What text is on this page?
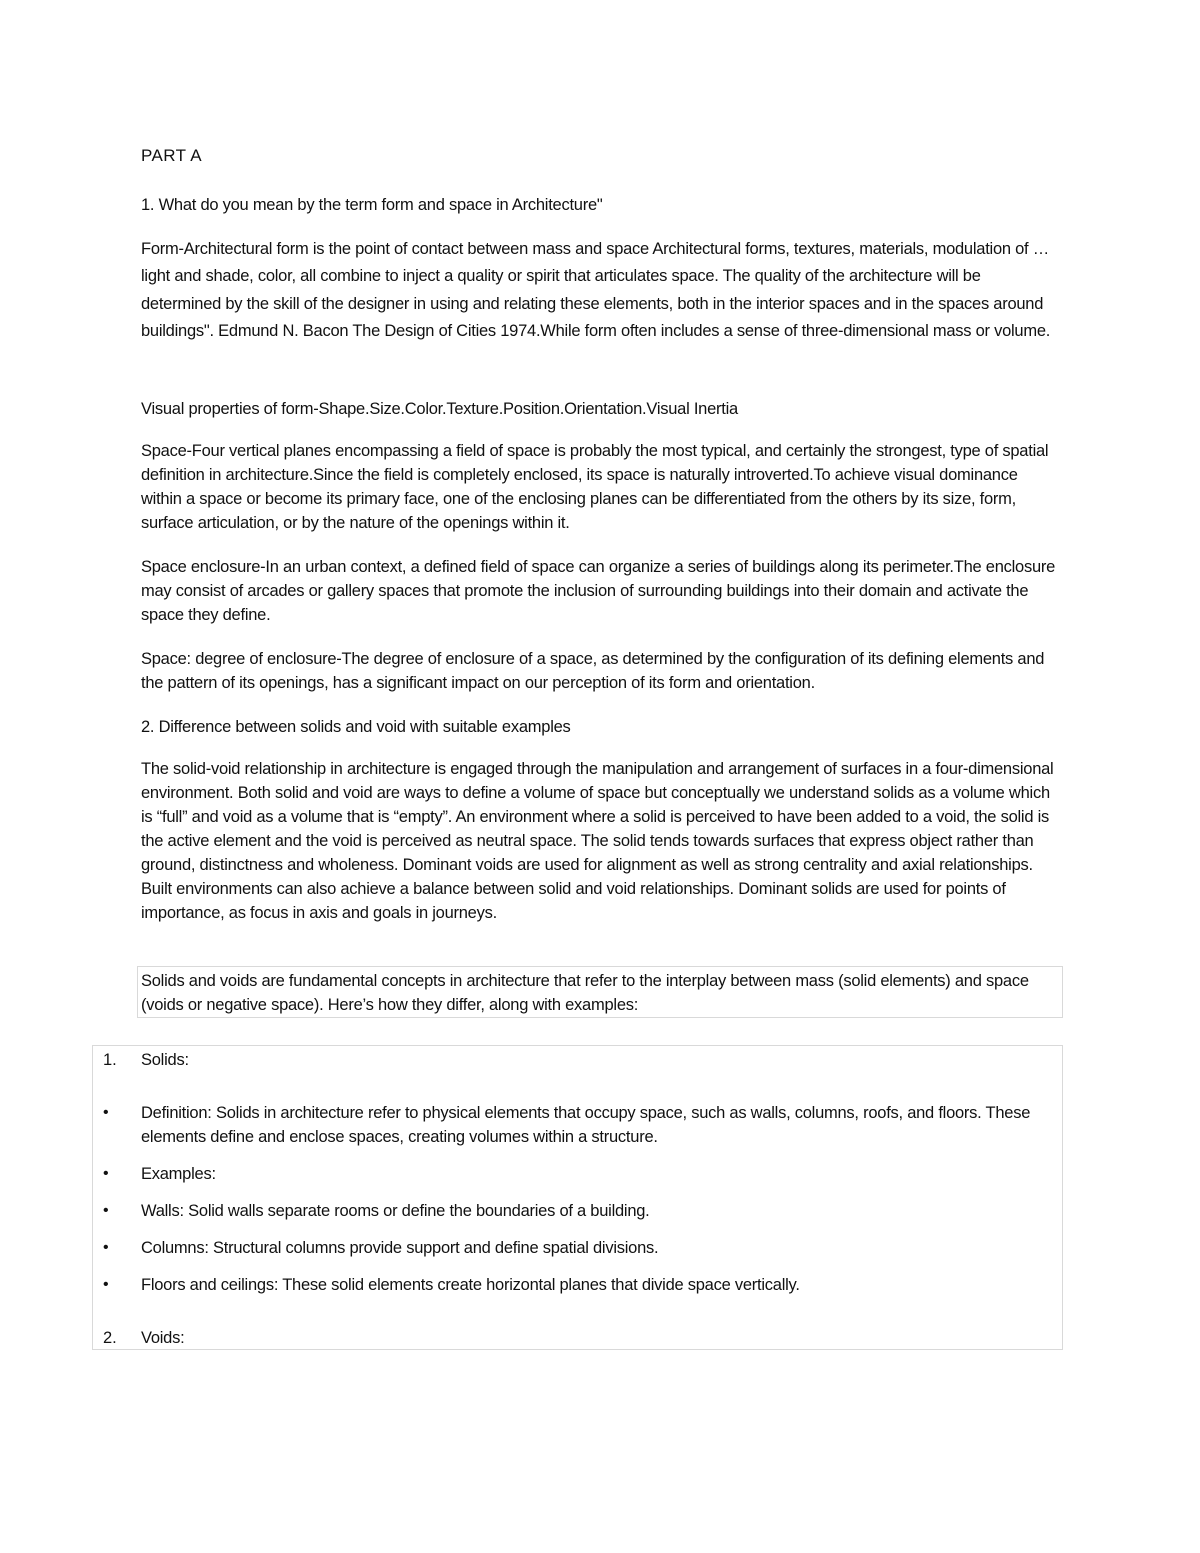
PART A

1. What do you mean by the term form and space in Architecture"

Form-Architectural form is the point of contact between mass and space Architectural forms, textures, materials, modulation of … light and shade, color, all combine to inject a quality or spirit that articulates space. The quality of the architecture will be determined by the skill of the designer in using and relating these elements, both in the interior spaces and in the spaces around buildings". Edmund N. Bacon The Design of Cities 1974.While form often includes a sense of three-dimensional mass or volume.

Visual properties of form-Shape.Size.Color.Texture.Position.Orientation.Visual Inertia

Space-Four vertical planes encompassing a field of space is probably the most typical, and certainly the strongest, type of spatial definition in architecture.Since the field is completely enclosed, its space is naturally introverted.To achieve visual dominance within a space or become its primary face, one of the enclosing planes can be differentiated from the others by its size, form, surface articulation, or by the nature of the openings within it.

Space enclosure-In an urban context, a defined field of space can organize a series of buildings along its perimeter.The enclosure may consist of arcades or gallery spaces that promote the inclusion of surrounding buildings into their domain and activate the space they define.

Space: degree of enclosure-The degree of enclosure of a space, as determined by the configuration of its defining elements and the pattern of its openings, has a significant impact on our perception of its form and orientation.

2. Difference between solids and void with suitable examples

The solid-void relationship in architecture is engaged through the manipulation and arrangement of surfaces in a four-dimensional environment. Both solid and void are ways to define a volume of space but conceptually we understand solids as a volume which is “full” and void as a volume that is “empty”. An environment where a solid is perceived to have been added to a void, the solid is the active element and the void is perceived as neutral space. The solid tends towards surfaces that express object rather than ground, distinctness and wholeness. Dominant voids are used for alignment as well as strong centrality and axial relationships. Built environments can also achieve a balance between solid and void relationships. Dominant solids are used for points of importance, as focus in axis and goals in journeys.

Solids and voids are fundamental concepts in architecture that refer to the interplay between mass (solid elements) and space (voids or negative space). Here’s how they differ, along with examples:
1.	Solids:
•	Definition: Solids in architecture refer to physical elements that occupy space, such as walls, columns, roofs, and floors. These elements define and enclose spaces, creating volumes within a structure.
•	Examples:
•	Walls: Solid walls separate rooms or define the boundaries of a building.
•	Columns: Structural columns provide support and define spatial divisions.
•	Floors and ceilings: These solid elements create horizontal planes that divide space vertically.
2.	Voids:
